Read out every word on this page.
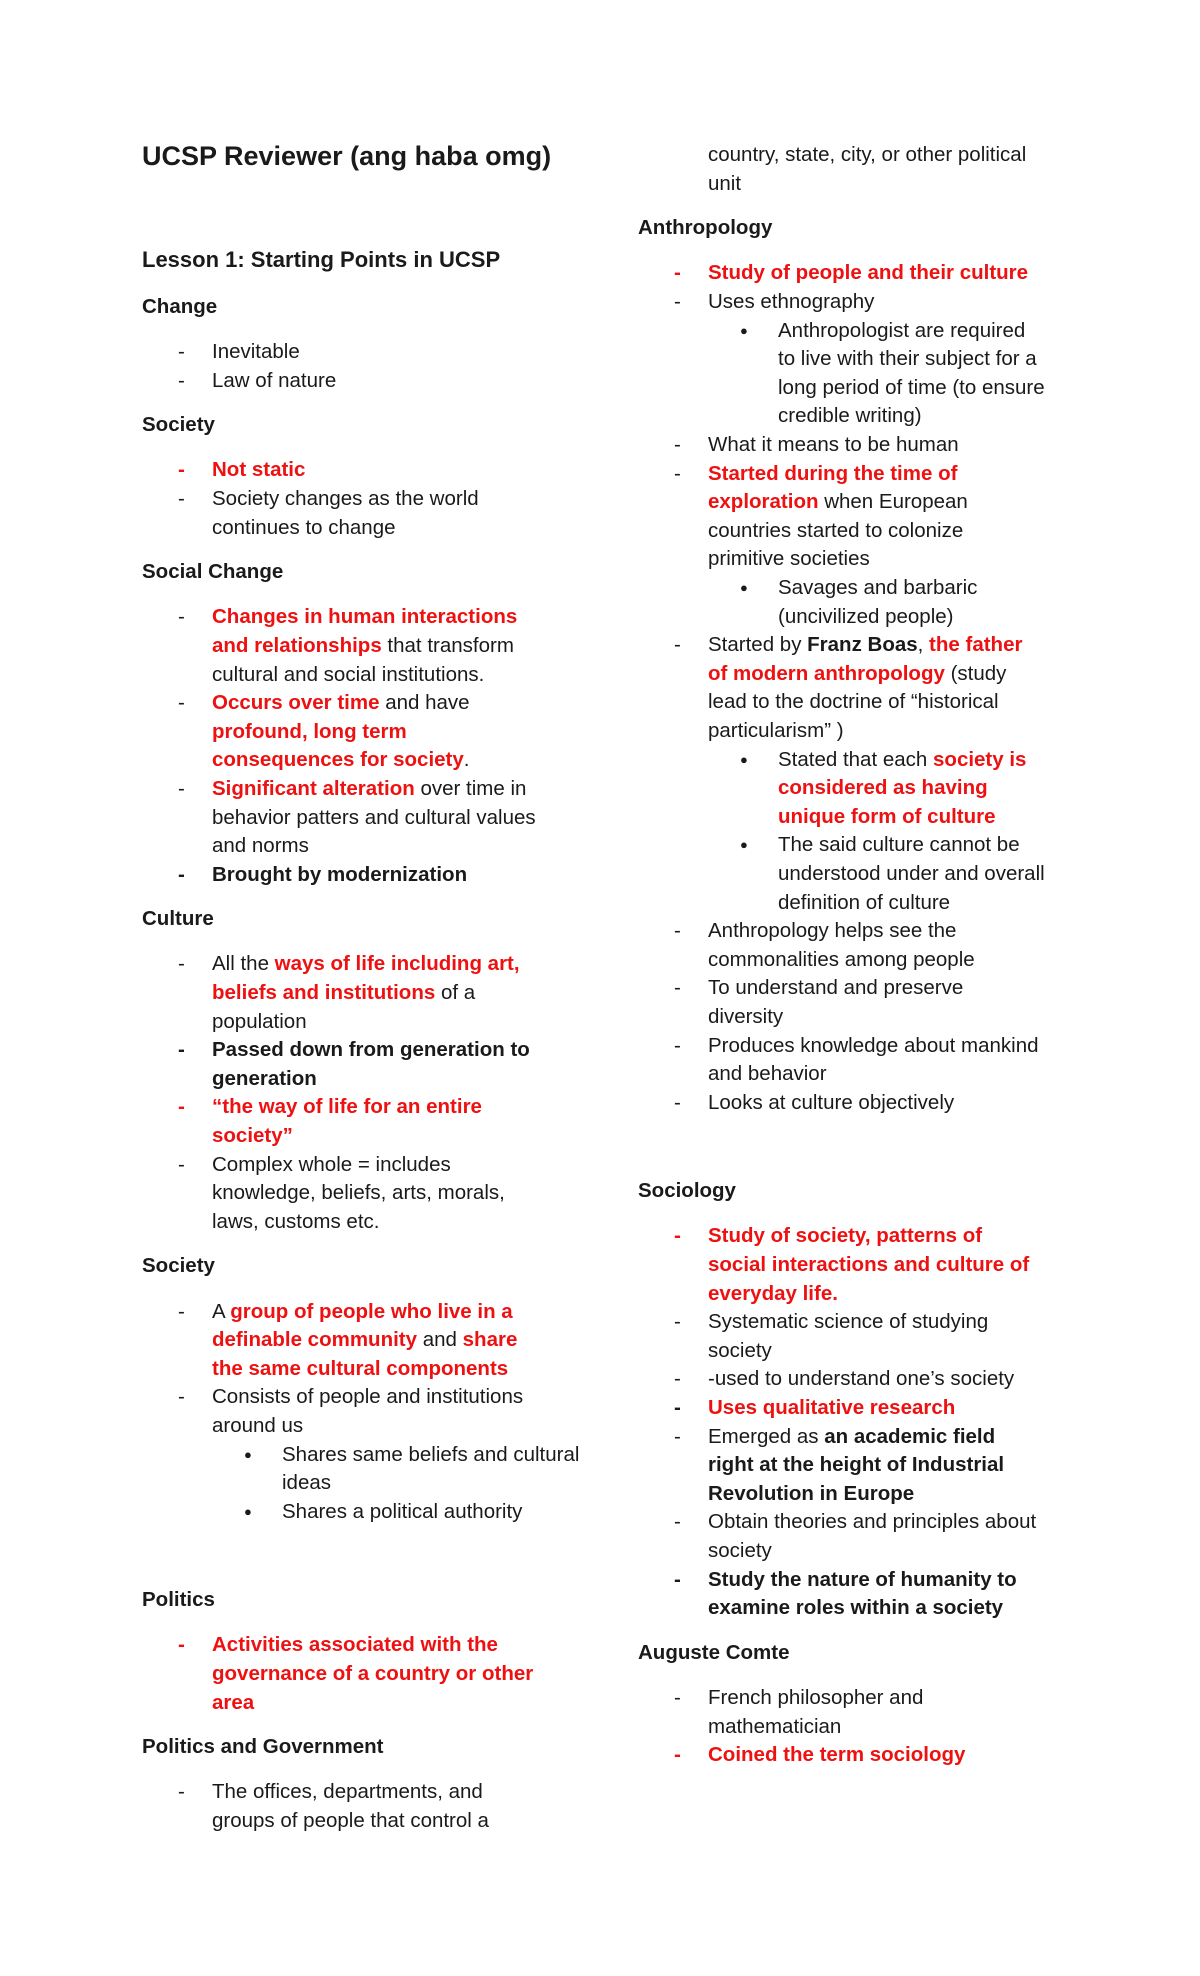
UCSP Reviewer (ang haba omg)
Lesson 1: Starting Points in UCSP
Change
- Inevitable
- Law of nature
Society
- Not static
- Society changes as the world
continues to change
Social Change
- Changes in human interactions
and relationships that transform
cultural and social institutions.
- Occurs over time and have
profound, long term
consequences for society.
- Significant alteration over time in
behavior patters and cultural values
and norms
- Brought by modernization
Culture
- All the ways of life including art,
beliefs and institutions of a
population
- Passed down from generation to
generation
- “the way of life for an entire
society”
- Complex whole = includes
knowledge, beliefs, arts, morals,
laws, customs etc.
Society
- A group of people who live in a
definable community and share
the same cultural components
- Consists of people and institutions
around us
● Shares same beliefs and cultural
ideas
● Shares a political authority
Politics
- Activities associated with the
governance of a country or other
area
Politics and Government
- The offices, departments, and
groups of people that control a
country, state, city, or other political
unit
Anthropology
- Study of people and their culture
- Uses ethnography
● Anthropologist are required
to live with their subject for a
long period of time (to ensure
credible writing)
- What it means to be human
- Started during the time of
exploration when European
countries started to colonize
primitive societies
● Savages and barbaric
(uncivilized people)
- Started by Franz Boas, the father
of modern anthropology (study
lead to the doctrine of “historical
particularism” )
● Stated that each society is
considered as having
unique form of culture
● The said culture cannot be
understood under and overall
definition of culture
- Anthropology helps see the
commonalities among people
- To understand and preserve
diversity
- Produces knowledge about mankind
and behavior
- Looks at culture objectively
Sociology
- Study of society, patterns of
social interactions and culture of
everyday life.
- Systematic science of studying
society
- -used to understand one’s society
- Uses qualitative research
- Emerged as an academic field
right at the height of Industrial
Revolution in Europe
- Obtain theories and principles about
society
- Study the nature of humanity to
examine roles within a society
Auguste Comte
- French philosopher and
mathematician
- Coined the term sociology
